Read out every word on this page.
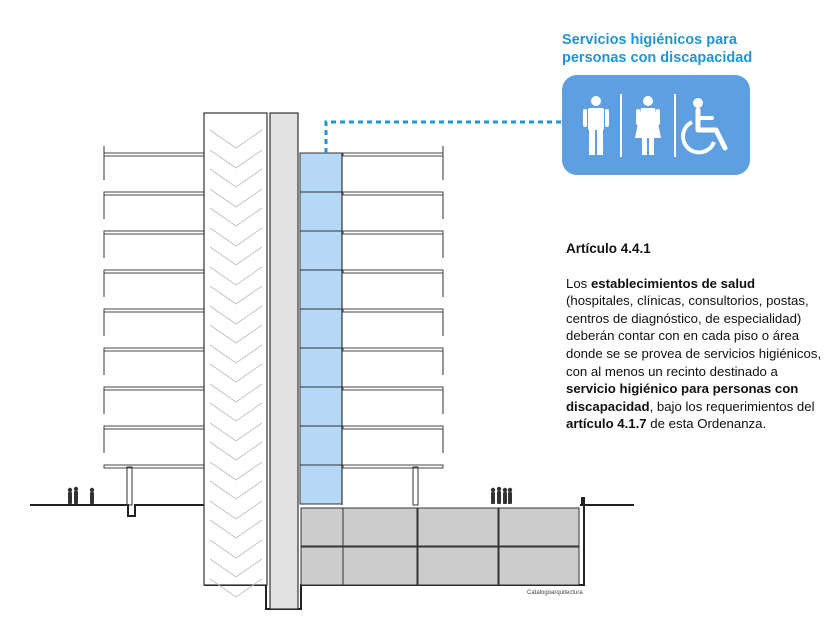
Servicios higiénicos para
personas con discapacidad
Artículo 4.4.1

Los establecimientos de salud (hospitales, clínicas, consultorios, postas, centros de diagnóstico, de especialidad) deberán contar con en cada piso o área donde se se provea de servicios higiénicos, con al menos un recinto destinado a servicio higiénico para personas con discapacidad, bajo los requerimientos del artículo 4.1.7 de esta Ordenanza.

Catalogoarquitectura
